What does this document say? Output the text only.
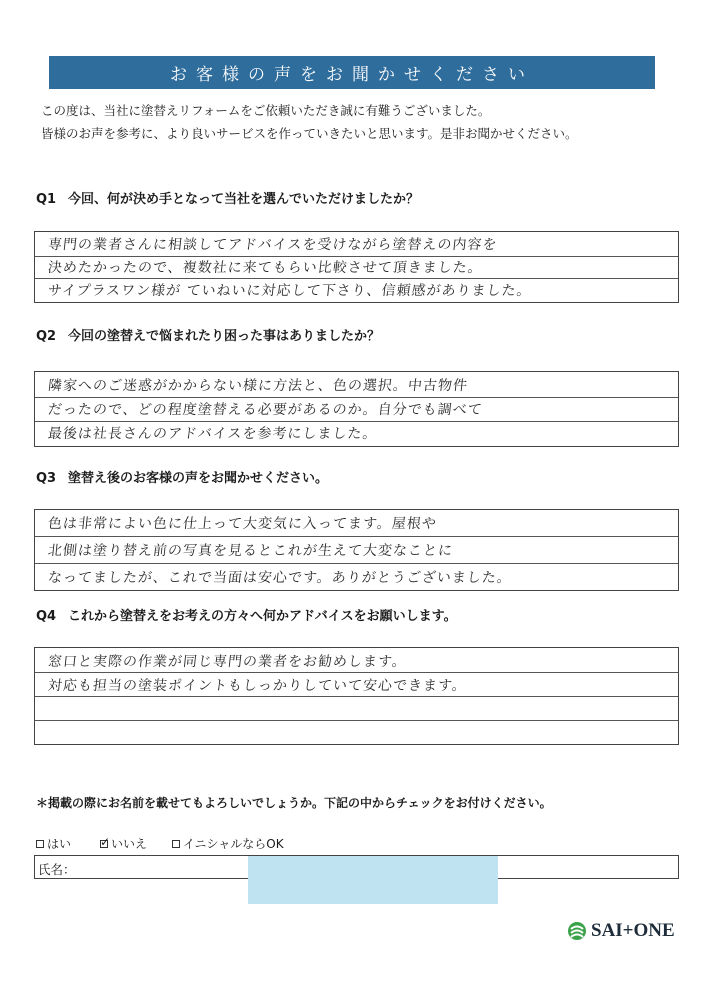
お客様の声をお聞かせください
この度は、当社に塗替えリフォームをご依頼いただき誠に有難うございました。
皆様のお声を参考に、より良いサービスを作っていきたいと思います。是非お聞かせください。
Q1 今回、何が決め手となって当社を選んでいただけましたか？
専門の業者さんに相談してアドバイスを受けながら塗替えの内容を
決めたかったので、複数社に来てもらい比較させて頂きました。
サイプラスワン様が ていねいに対応して下さり、信頼感がありました。
Q2 今回の塗替えで悩まれたり困った事はありましたか？
隣家へのご迷惑がかからない様に方法と、色の選択。中古物件
だったので、どの程度塗替える必要があるのか。自分でも調べて
最後は社長さんのアドバイスを参考にしました。
Q3 塗替え後のお客様の声をお聞かせください。
色は非常によい色に仕上って大変気に入ってます。屋根や
北側は塗り替え前の写真を見るとこれが生えて大変なことに
なってましたが、これで当面は安心です。ありがとうございました。
Q4 これから塗替えをお考えの方々へ何かアドバイスをお願いします。
窓口と実際の作業が同じ専門の業者をお勧めします。
対応も担当の塗装ポイントもしっかりしていて安心できます。
＊掲載の際にお名前を載せてもよろしいでしょうか。下記の中からチェックをお付けください。
はい ✓ いいえ	イニシャルならOK
氏名：
SAI+ONE
